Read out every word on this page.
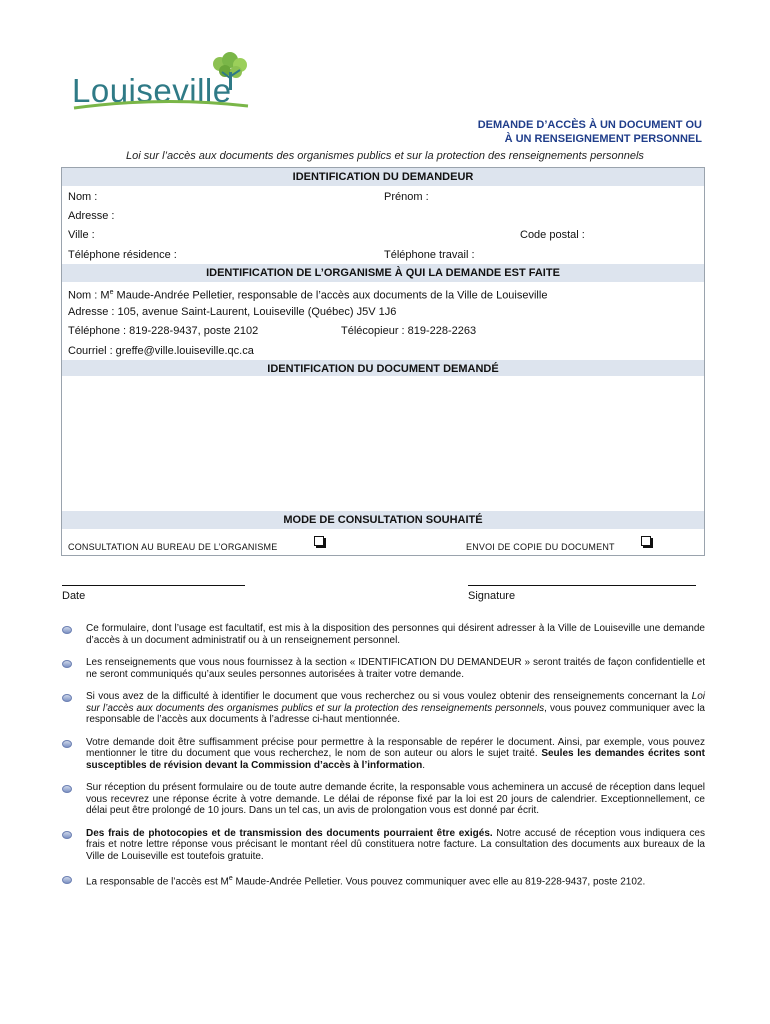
Louiseville
DEMANDE D’ACCÈS À UN DOCUMENT OU
À UN RENSEIGNEMENT PERSONNEL
Loi sur l’accès aux documents des organismes publics et sur la protection des renseignements personnels
IDENTIFICATION DU DEMANDEUR
Nom :	Prénom :
Adresse :
Ville :	Code postal :
Téléphone résidence :	Téléphone travail :
IDENTIFICATION DE L’ORGANISME À QUI LA DEMANDE EST FAITE
Nom : Me Maude-Andrée Pelletier, responsable de l’accès aux documents de la Ville de Louiseville
Adresse : 105, avenue Saint-Laurent, Louiseville (Québec) J5V 1J6
Téléphone : 819-228-9437, poste 2102	Télécopieur : 819-228-2263
Courriel : greffe@ville.louiseville.qc.ca
IDENTIFICATION DU DOCUMENT DEMANDÉ
MODE DE CONSULTATION SOUHAITÉ
CONSULTATION AU BUREAU DE L’ORGANISME	ENVOI DE COPIE DU DOCUMENT
Date	Signature
Ce formulaire, dont l’usage est facultatif, est mis à la disposition des personnes qui désirent adresser à la Ville de Louiseville une demande d’accès à un document administratif ou à un renseignement personnel.
Les renseignements que vous nous fournissez à la section « IDENTIFICATION DU DEMANDEUR » seront traités de façon confidentielle et ne seront communiqués qu’aux seules personnes autorisées à traiter votre demande.
Si vous avez de la difficulté à identifier le document que vous recherchez ou si vous voulez obtenir des renseignements concernant la Loi sur l’accès aux documents des organismes publics et sur la protection des renseignements personnels, vous pouvez communiquer avec la responsable de l’accès aux documents à l’adresse ci-haut mentionnée.
Votre demande doit être suffisamment précise pour permettre à la responsable de repérer le document. Ainsi, par exemple, vous pouvez mentionner le titre du document que vous recherchez, le nom de son auteur ou alors le sujet traité. Seules les demandes écrites sont susceptibles de révision devant la Commission d’accès à l’information.
Sur réception du présent formulaire ou de toute autre demande écrite, la responsable vous acheminera un accusé de réception dans lequel vous recevrez une réponse écrite à votre demande. Le délai de réponse fixé par la loi est 20 jours de calendrier. Exceptionnellement, ce délai peut être prolongé de 10 jours. Dans un tel cas, un avis de prolongation vous est donné par écrit.
Des frais de photocopies et de transmission des documents pourraient être exigés. Notre accusé de réception vous indiquera ces frais et notre lettre réponse vous précisant le montant réel dû constituera notre facture. La consultation des documents aux bureaux de la Ville de Louiseville est toutefois gratuite.
La responsable de l’accès est Me Maude-Andrée Pelletier. Vous pouvez communiquer avec elle au 819-228-9437, poste 2102.
